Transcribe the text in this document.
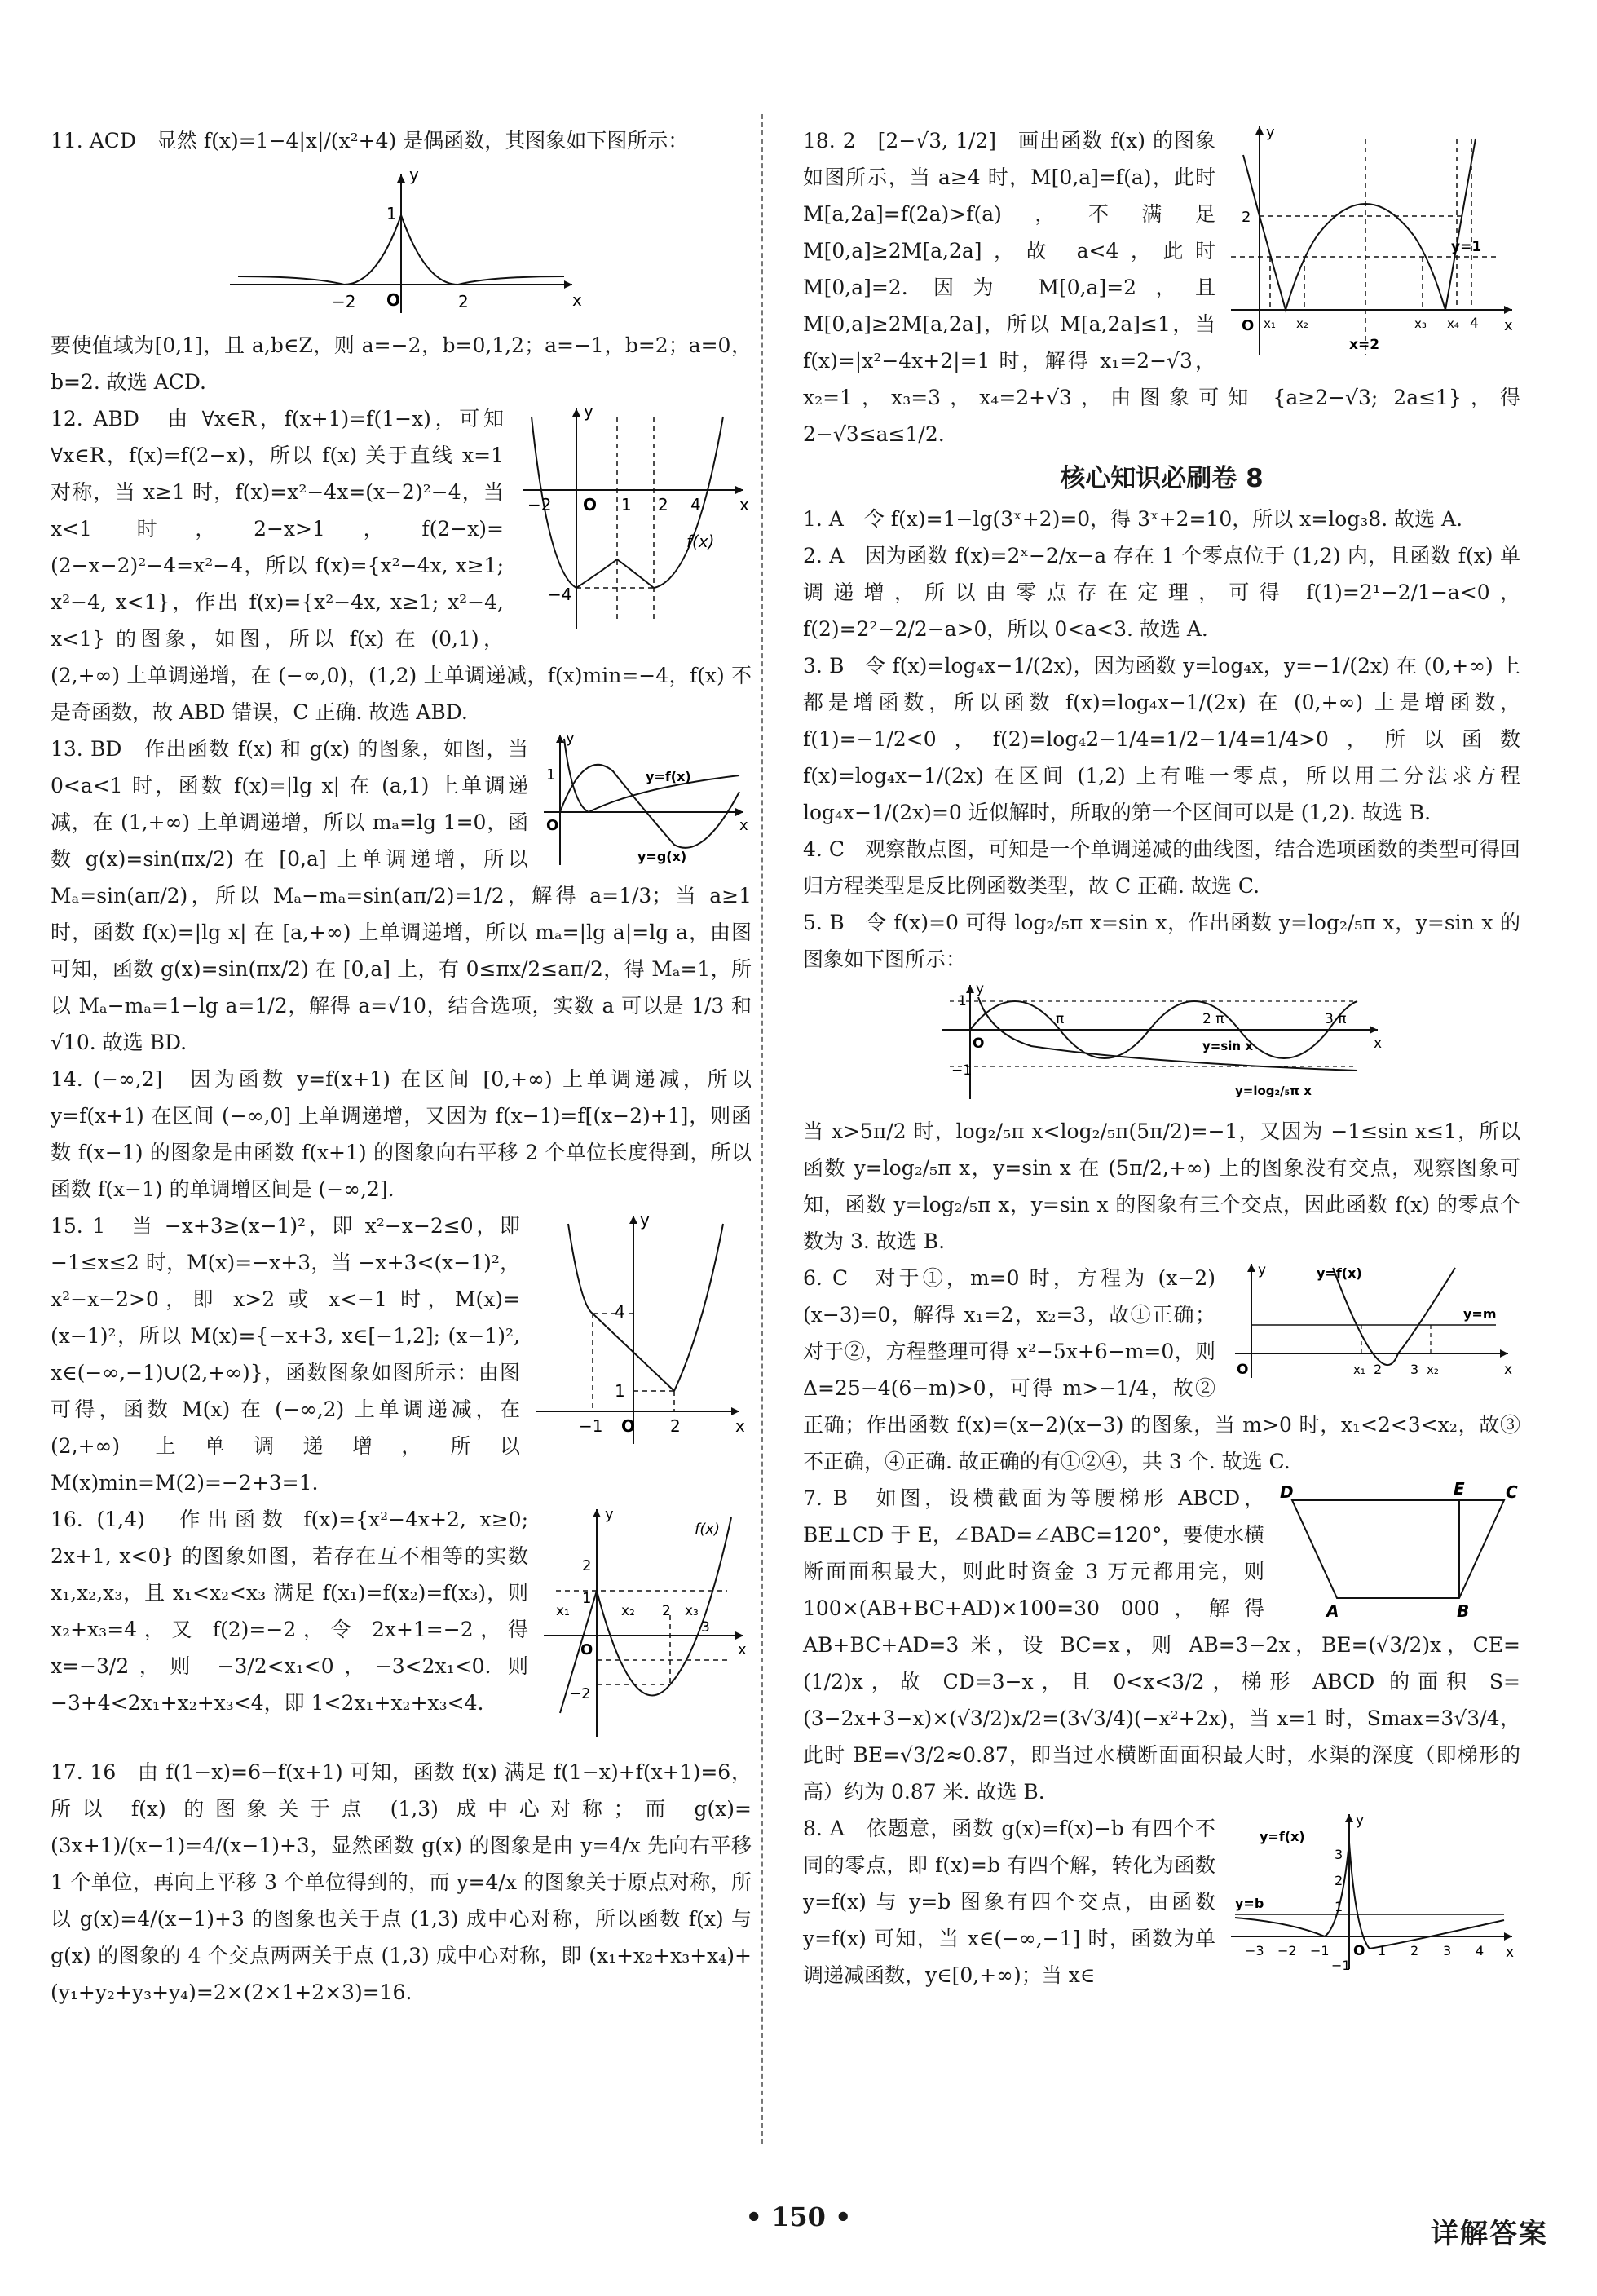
11. ACD　显然 f(x)=1−4|x|/(x²+4) 是偶函数，其图象如下图所示：

y
x
O
1
−2	2

要使值域为[0,1]，且 a,b∈Z，则 a=−2，b=0,1,2；a=−1，b=2；a=0，b=2. 故选 ACD.

y
x
O
−2	1 2 4
−4
f(x)

12. ABD　由 ∀x∈R，f(x+1)=f(1−x)，可知 ∀x∈R，f(x)=f(2−x)，所以 f(x) 关于直线 x=1 对称，当 x≥1 时，f(x)=x²−4x=(x−2)²−4，当 x<1 时，2−x>1，f(2−x)=(2−x−2)²−4=x²−4，所以 f(x)={x²−4x, x≥1; x²−4, x<1}，作出 f(x)={x²−4x, x≥1; x²−4, x<1} 的图象，如图，所以 f(x) 在 (0,1)，(2,+∞) 上单调递增，在 (−∞,0)，(1,2) 上单调递减，f(x)min=−4，f(x) 不是奇函数，故 ABD 错误，C 正确. 故选 ABD.

y
x
O
1	y=f(x)
y=g(x)

13. BD　作出函数 f(x) 和 g(x) 的图象，如图，当 0<a<1 时，函数 f(x)=|lg x| 在 (a,1) 上单调递减，在 (1,+∞) 上单调递增，所以 mₐ=lg 1=0，函数 g(x)=sin(πx/2) 在 [0,a] 上单调递增，所以 Mₐ=sin(aπ/2)，所以 Mₐ−mₐ=sin(aπ/2)=1/2，解得 a=1/3；当 a≥1 时，函数 f(x)=|lg x| 在 [a,+∞) 上单调递增，所以 mₐ=|lg a|=lg a，由图可知，函数 g(x)=sin(πx/2) 在 [0,a] 上，有 0≤πx/2≤aπ/2，得 Mₐ=1，所以 Mₐ−mₐ=1−lg a=1/2，解得 a=√10，结合选项，实数 a 可以是 1/3 和 √10. 故选 BD.

14. (−∞,2]　因为函数 y=f(x+1) 在区间 [0,+∞) 上单调递减，所以 y=f(x+1) 在区间 (−∞,0] 上单调递增，又因为 f(x−1)=f[(x−2)+1]，则函数 f(x−1) 的图象是由函数 f(x+1) 的图象向右平移 2 个单位长度得到，所以函数 f(x−1) 的单调增区间是 (−∞,2].

y
x
O
4
1
−1	2

15. 1　当 −x+3≥(x−1)²，即 x²−x−2≤0，即 −1≤x≤2 时，M(x)=−x+3，当 −x+3<(x−1)²，x²−x−2>0，即 x>2 或 x<−1 时，M(x)=(x−1)²，所以 M(x)={−x+3, x∈[−1,2]; (x−1)², x∈(−∞,−1)∪(2,+∞)}，函数图象如图所示：由图可得，函数 M(x) 在 (−∞,2) 上单调递减，在 (2,+∞) 上单调递增，所以 M(x)min=M(2)=−2+3=1.

y
x
O
2
1
−2
x₁	x₂	x₃
2
3
f(x)

16. (1,4)　作出函数 f(x)={x²−4x+2, x≥0; 2x+1, x<0} 的图象如图，若存在互不相等的实数 x₁,x₂,x₃，且 x₁<x₂<x₃ 满足 f(x₁)=f(x₂)=f(x₃)，则 x₂+x₃=4，又 f(2)=−2，令 2x+1=−2，得 x=−3/2，则 −3/2<x₁<0，−3<2x₁<0. 则 −3+4<2x₁+x₂+x₃<4，即 1<2x₁+x₂+x₃<4.

17. 16　由 f(1−x)=6−f(x+1) 可知，函数 f(x) 满足 f(1−x)+f(x+1)=6，所以 f(x) 的图象关于点 (1,3) 成中心对称；而 g(x)=(3x+1)/(x−1)=4/(x−1)+3，显然函数 g(x) 的图象是由 y=4/x 先向右平移 1 个单位，再向上平移 3 个单位得到的，而 y=4/x 的图象关于原点对称，所以 g(x)=4/(x−1)+3 的图象也关于点 (1,3) 成中心对称，所以函数 f(x) 与 g(x) 的图象的 4 个交点两两关于点 (1,3) 成中心对称，即 (x₁+x₂+x₃+x₄)+(y₁+y₂+y₃+y₄)=2×(2×1+2×3)=16.

y
x
O
2
y=1
x₁ x₂	x₃ x₄ 4
x=2

18. 2　[2−√3, 1/2]　画出函数 f(x) 的图象如图所示，当 a≥4 时，M[0,a]=f(a)，此时 M[a,2a]=f(2a)>f(a)，不满足 M[0,a]≥2M[a,2a]，故 a<4，此时 M[0,a]=2. 因为 M[0,a]=2，且 M[0,a]≥2M[a,2a]，所以 M[a,2a]≤1，当 f(x)=|x²−4x+2|=1 时，解得 x₁=2−√3，x₂=1，x₃=3，x₄=2+√3，由图象可知 {a≥2−√3; 2a≤1}，得 2−√3≤a≤1/2.

核心知识必刷卷 8

1. A　令 f(x)=1−lg(3ˣ+2)=0，得 3ˣ+2=10，所以 x=log₃8. 故选 A.

2. A　因为函数 f(x)=2ˣ−2/x−a 存在 1 个零点位于 (1,2) 内，且函数 f(x) 单调递增，所以由零点存在定理，可得 f(1)=2¹−2/1−a<0，f(2)=2²−2/2−a>0，所以 0<a<3. 故选 A.

3. B　令 f(x)=log₄x−1/(2x)，因为函数 y=log₄x，y=−1/(2x) 在 (0,+∞) 上都是增函数，所以函数 f(x)=log₄x−1/(2x) 在 (0,+∞) 上是增函数，f(1)=−1/2<0，f(2)=log₄2−1/4=1/2−1/4=1/4>0，所以函数 f(x)=log₄x−1/(2x) 在区间 (1,2) 上有唯一零点，所以用二分法求方程 log₄x−1/(2x)=0 近似解时，所取的第一个区间可以是 (1,2). 故选 B.

4. C　观察散点图，可知是一个单调递减的曲线图，结合选项函数的类型可得回归方程类型是反比例函数类型，故 C 正确. 故选 C.

5. B　令 f(x)=0 可得 log₂/₅π x=sin x，作出函数 y=log₂/₅π x，y=sin x 的图象如下图所示：

y
x
O
1
−1
π	2 π	3 π
y=sin x
y=log₂/₅π x

当 x>5π/2 时，log₂/₅π x<log₂/₅π(5π/2)=−1，又因为 −1≤sin x≤1，所以函数 y=log₂/₅π x，y=sin x 在 (5π/2,+∞) 上的图象没有交点，观察图象可知，函数 y=log₂/₅π x，y=sin x 的图象有三个交点，因此函数 f(x) 的零点个数为 3. 故选 B.

y
x
O
y=f(x)
y=m
x₁ 2 3 x₂

6. C　对于①，m=0 时，方程为 (x−2)(x−3)=0，解得 x₁=2，x₂=3，故①正确；对于②，方程整理可得 x²−5x+6−m=0，则 Δ=25−4(6−m)>0，可得 m>−1/4，故②正确；作出函数 f(x)=(x−2)(x−3) 的图象，当 m>0 时，x₁<2<3<x₂，故③不正确，④正确. 故正确的有①②④，共 3 个. 故选 C.

D	E	C
A	B

7. B　如图，设横截面为等腰梯形 ABCD，BE⊥CD 于 E，∠BAD=∠ABC=120°，要使水横断面面积最大，则此时资金 3 万元都用完，则 100×(AB+BC+AD)×100=30 000，解得 AB+BC+AD=3 米，设 BC=x，则 AB=3−2x，BE=(√3/2)x，CE=(1/2)x，故 CD=3−x，且 0<x<3/2，梯形 ABCD 的面积 S=(3−2x+3−x)×(√3/2)x/2=(3√3/4)(−x²+2x)，当 x=1 时，Smax=3√3/4，此时 BE=√3/2≈0.87，即当过水横断面面积最大时，水渠的深度（即梯形的高）约为 0.87 米. 故选 B.

y
x
O
y=f(x)
y=b
3
2
1
−1
−3 −2 −1	1 2 3 4

8. A　依题意，函数 g(x)=f(x)−b 有四个不同的零点，即 f(x)=b 有四个解，转化为函数 y=f(x) 与 y=b 图象有四个交点，由函数 y=f(x) 可知，当 x∈(−∞,−1] 时，函数为单调递减函数，y∈[0,+∞)；当 x∈

• 150 •
详解答案
